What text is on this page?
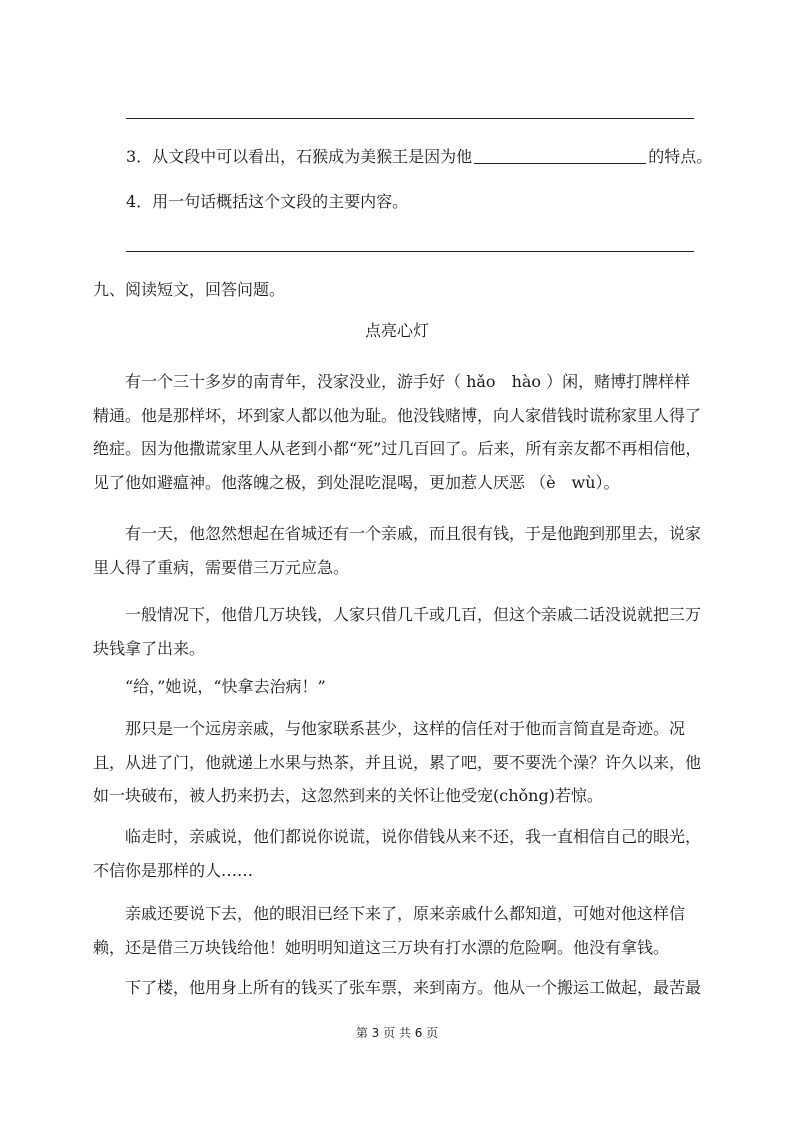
3．从文段中可以看出，石猴成为美猴王是因为他	的特点。

4．用一句话概括这个文段的主要内容。

九、阅读短文，回答问题。

点亮心灯

有一个三十多岁的南青年，没家没业，游手好（ hǎo　hào ）闲，赌博打牌样样精通。他是那样坏，坏到家人都以他为耻。他没钱赌博，向人家借钱时谎称家里人得了绝症。因为他撒谎家里人从老到小都“死”过几百回了。后来，所有亲友都不再相信他，见了他如避瘟神。他落魄之极，到处混吃混喝，更加惹人厌恶 （è　wù）。

有一天，他忽然想起在省城还有一个亲戚，而且很有钱，于是他跑到那里去，说家里人得了重病，需要借三万元应急。

一般情况下，他借几万块钱，人家只借几千或几百，但这个亲戚二话没说就把三万块钱拿了出来。

“给，”她说，“快拿去治病！”

那只是一个远房亲戚，与他家联系甚少，这样的信任对于他而言简直是奇迹。况且，从进了门，他就递上水果与热茶，并且说，累了吧，要不要洗个澡？许久以来，他如一块破布，被人扔来扔去，这忽然到来的关怀让他受宠(chǒng)若惊。

临走时，亲戚说，他们都说你说谎，说你借钱从来不还，我一直相信自己的眼光，不信你是那样的人……

亲戚还要说下去，他的眼泪已经下来了，原来亲戚什么都知道，可她对他这样信赖，还是借三万块钱给他！她明明知道这三万块有打水漂的危险啊。他没有拿钱。

下了楼，他用身上所有的钱买了张车票，来到南方。他从一个搬运工做起，最苦最

第 3 页 共 6 页
